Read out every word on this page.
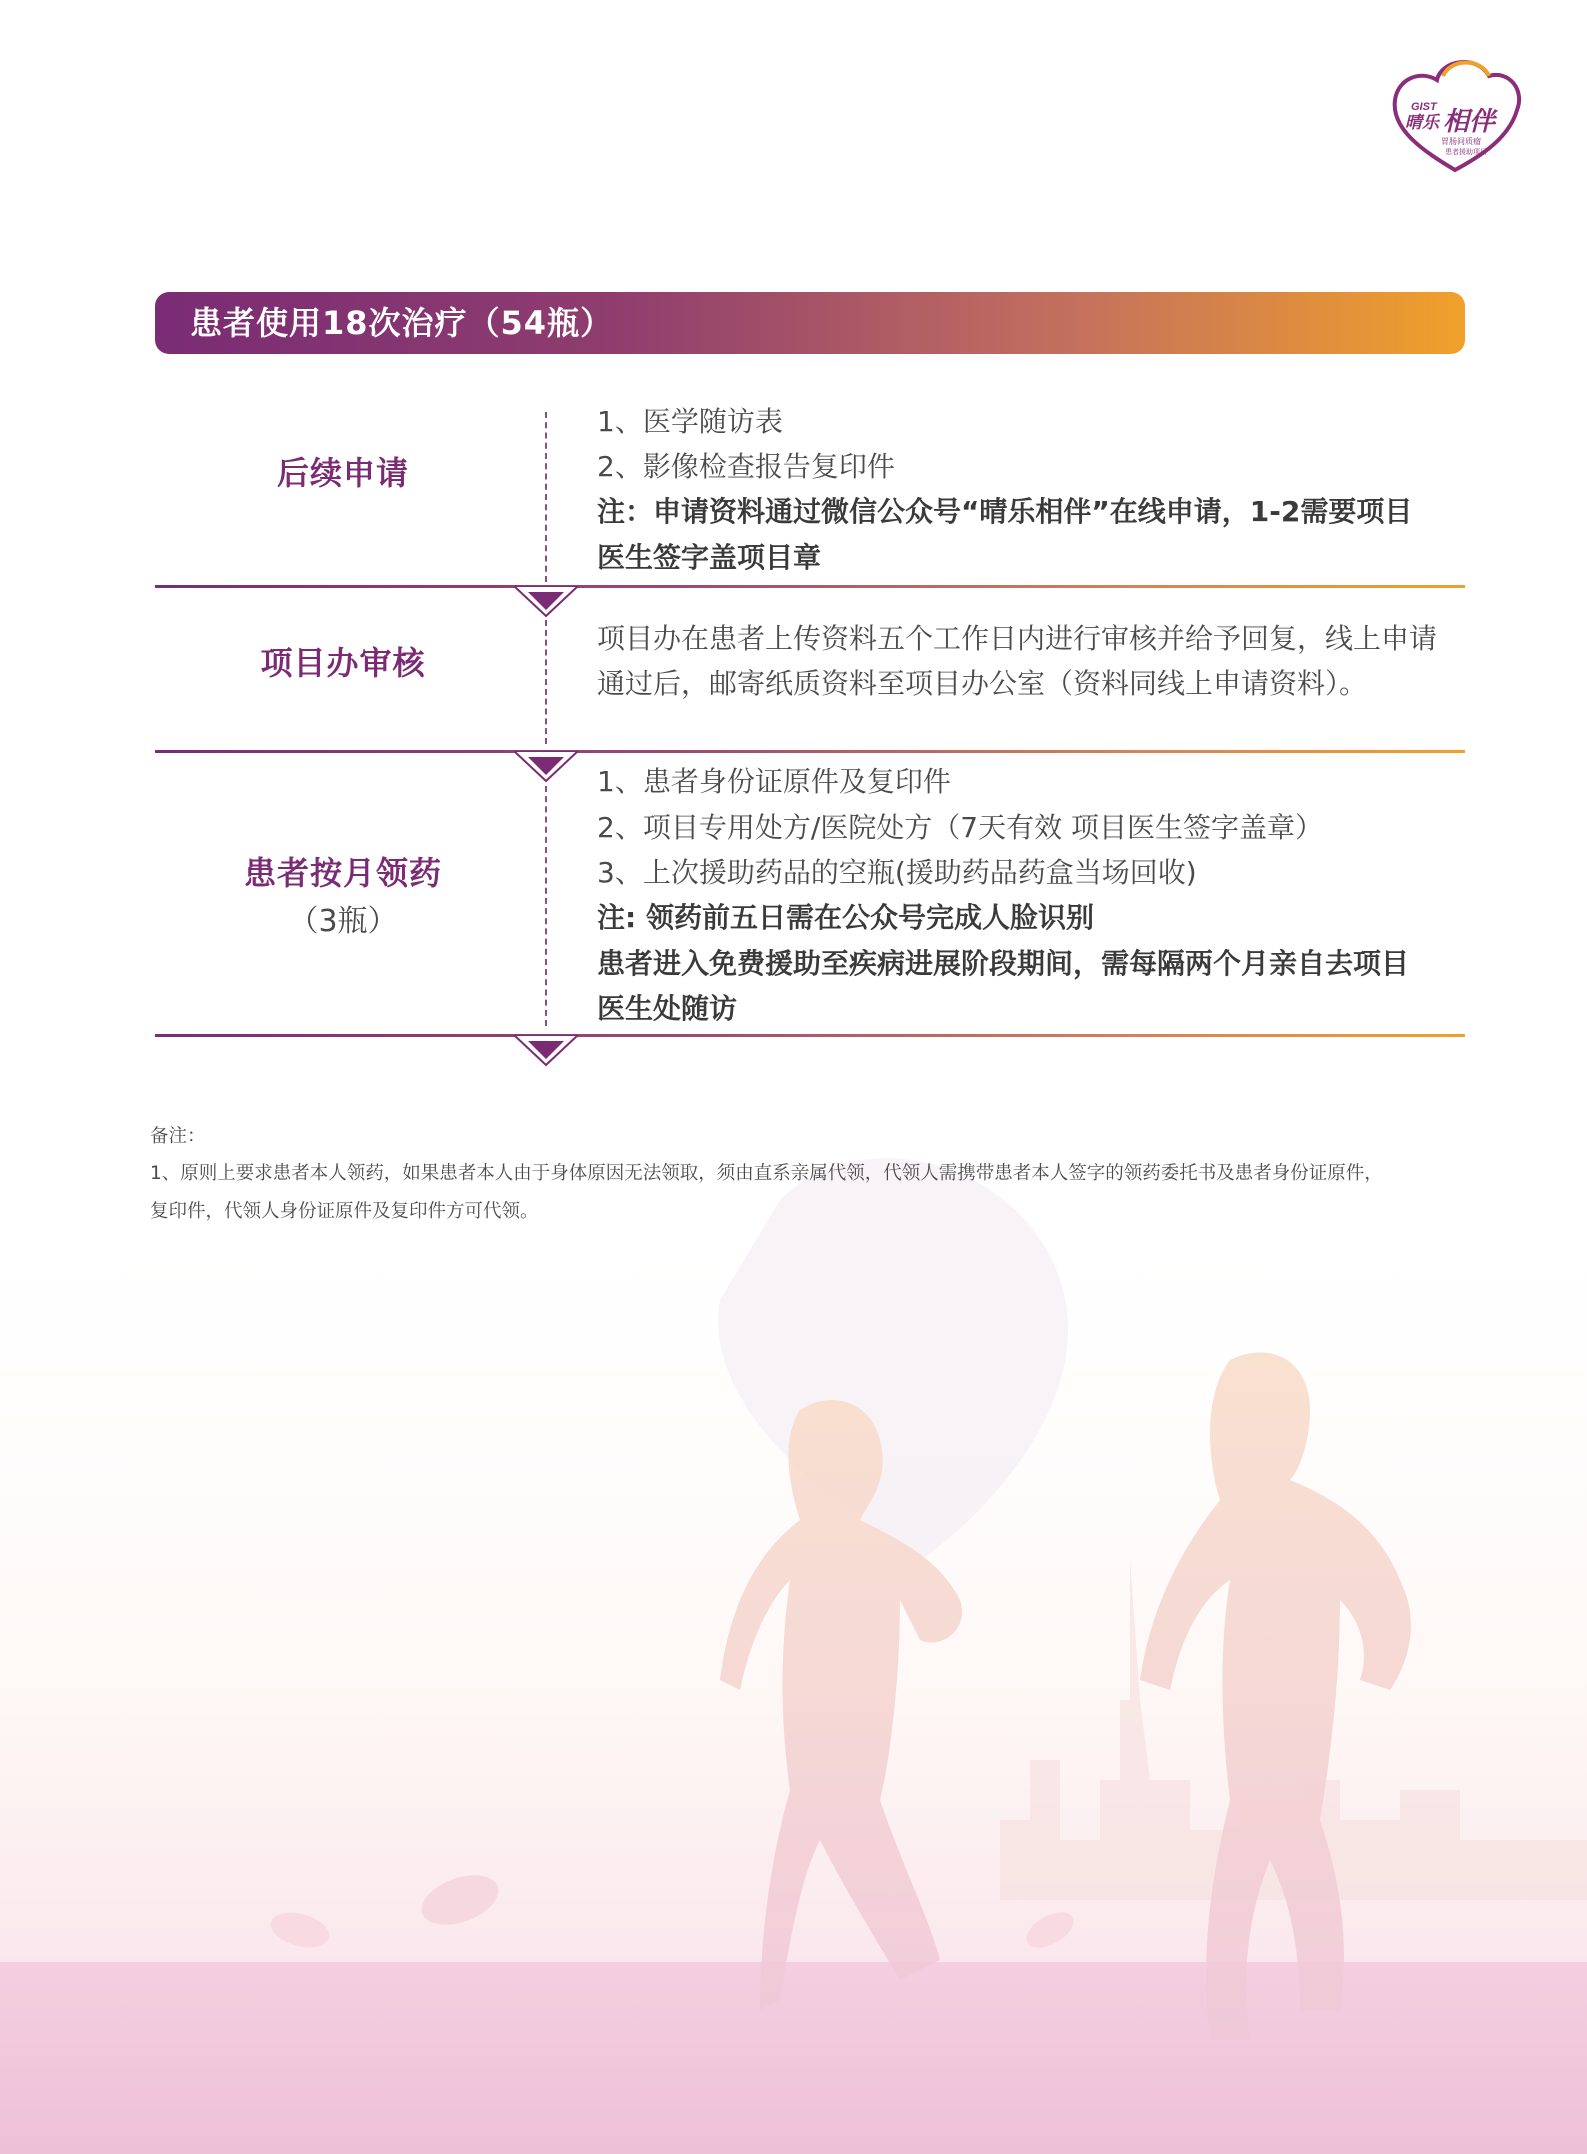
GIST
晴乐 相伴
胃肠间质瘤
患者援助项目
患者使用18次治疗（54瓶）
后续申请
1、医学随访表
2、影像检查报告复印件
注：申请资料通过微信公众号“晴乐相伴”在线申请，1-2需要项目
医生签字盖项目章
项目办审核
项目办在患者上传资料五个工作日内进行审核并给予回复，线上申请
通过后，邮寄纸质资料至项目办公室（资料同线上申请资料）。
患者按月领药
（3瓶）
1、患者身份证原件及复印件
2、项目专用处方/医院处方（7天有效 项目医生签字盖章）
3、上次援助药品的空瓶(援助药品药盒当场回收)
注: 领药前五日需在公众号完成人脸识别
患者进入免费援助至疾病进展阶段期间，需每隔两个月亲自去项目
医生处随访
备注：
1、原则上要求患者本人领药，如果患者本人由于身体原因无法领取，须由直系亲属代领，代领人需携带患者本人签字的领药委托书及患者身份证原件，
复印件，代领人身份证原件及复印件方可代领。
